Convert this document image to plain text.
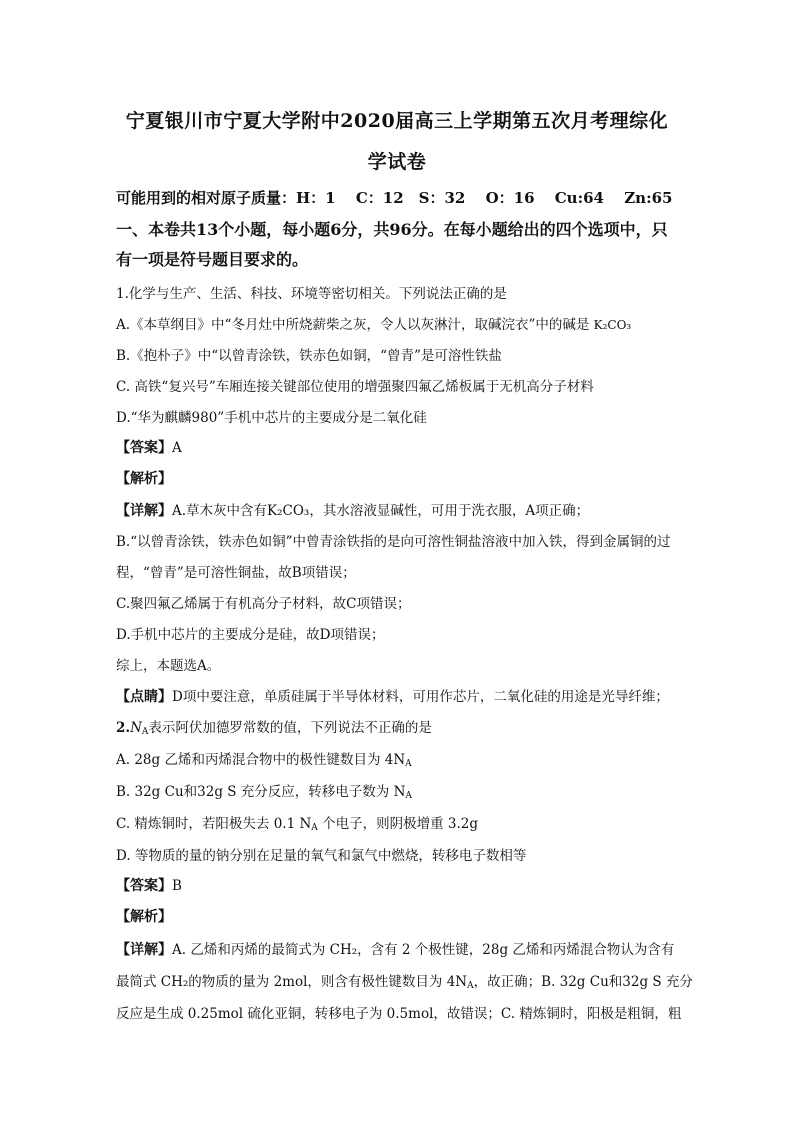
宁夏银川市宁夏大学附中2020届高三上学期第五次月考理综化
学试卷
可能用到的相对原子质量：H：1　 C：12　S：32　 O：16　 Cu:64　 Zn:65
一、本卷共13个小题，每小题6分，共96分。在每小题给出的四个选项中，只
有一项是符号题目要求的。
1.化学与生产、生活、科技、环境等密切相关。下列说法正确的是
A.《本草纲目》中“冬月灶中所烧薪柴之灰，令人以灰淋汁，取碱浣衣”中的碱是 K₂CO₃
B.《抱朴子》中“以曾青涂铁，铁赤色如铜，“曾青”是可溶性铁盐
C. 高铁“复兴号”车厢连接关键部位使用的增强聚四氟乙烯板属于无机高分子材料
D.“华为麒麟980”手机中芯片的主要成分是二氧化硅
【答案】A
【解析】
【详解】A.草木灰中含有K₂CO₃，其水溶液显碱性，可用于洗衣服，A项正确；
B.“以曾青涂铁，铁赤色如铜”中曾青涂铁指的是向可溶性铜盐溶液中加入铁，得到金属铜的过
程，“曾青”是可溶性铜盐，故B项错误；
C.聚四氟乙烯属于有机高分子材料，故C项错误；
D.手机中芯片的主要成分是硅，故D项错误；
综上，本题选A。
【点睛】D项中要注意，单质硅属于半导体材料，可用作芯片，二氧化硅的用途是光导纤维；
$2.N_A$表示阿伏加德罗常数的值，下列说法不正确的是
A. 28g 乙烯和丙烯混合物中的极性键数目为 $4N_A$
B. 32g Cu和32g S 充分反应，转移电子数为 $N_A$
C. 精炼铜时，若阳极失去 0.1 $N_A$ 个电子，则阴极增重 3.2g
D. 等物质的量的钠分别在足量的氧气和氯气中燃烧，转移电子数相等
【答案】B
【解析】
【详解】A. 乙烯和丙烯的最简式为 CH₂，含有 2 个极性键，28g 乙烯和丙烯混合物认为含有
最简式 CH₂的物质的量为 2mol，则含有极性键数目为 $4N_A$，故正确；B. 32g Cu和32g S 充分
反应是生成 0.25mol 硫化亚铜，转移电子为 0.5mol，故错误；C. 精炼铜时，阳极是粗铜，粗
